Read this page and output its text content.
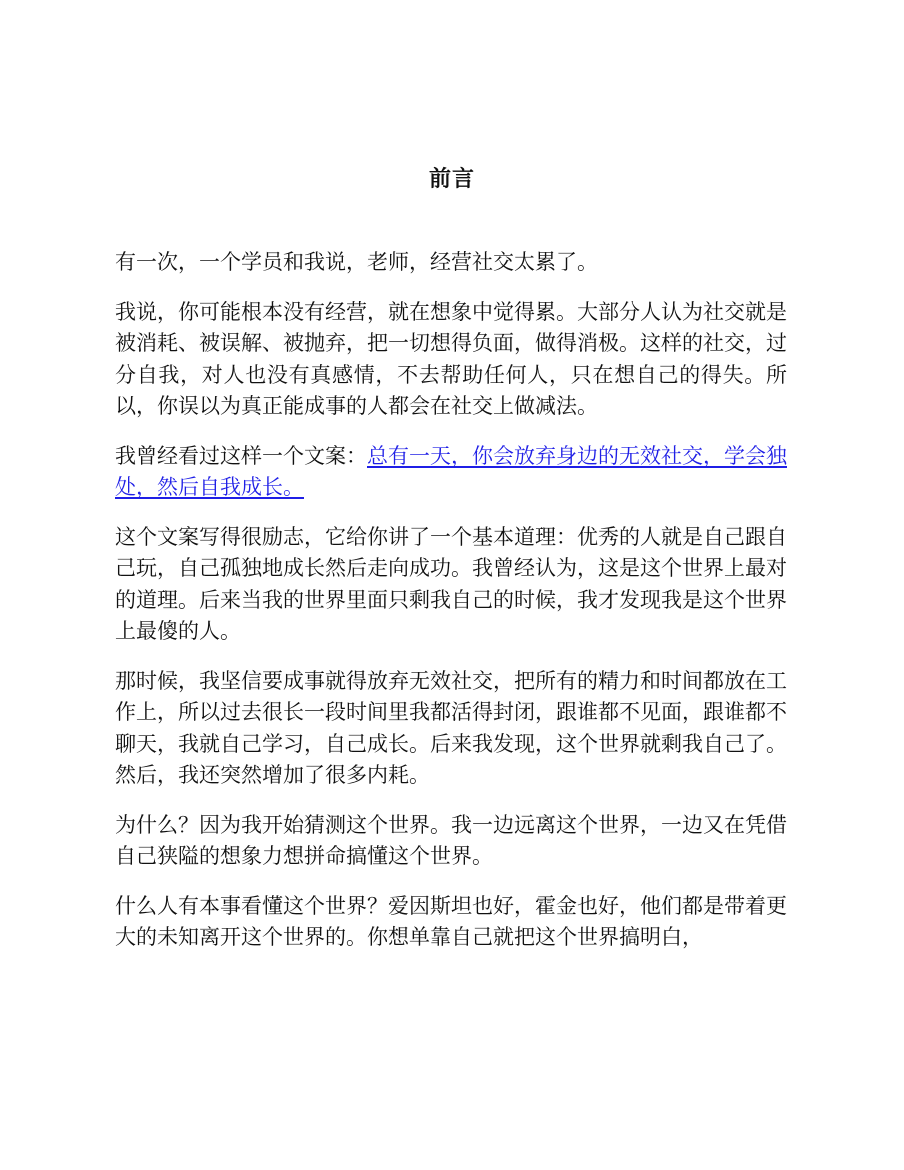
前言

有一次，一个学员和我说，老师，经营社交太累了。

我说，你可能根本没有经营，就在想象中觉得累。大部分人认为社交就是被消耗、被误解、被抛弃，把一切想得负面，做得消极。这样的社交，过分自我，对人也没有真感情，不去帮助任何人，只在想自己的得失。所以，你误以为真正能成事的人都会在社交上做减法。

我曾经看过这样一个文案：总有一天，你会放弃身边的无效社交，学会独处，然后自我成长。

这个文案写得很励志，它给你讲了一个基本道理：优秀的人就是自己跟自己玩，自己孤独地成长然后走向成功。我曾经认为，这是这个世界上最对的道理。后来当我的世界里面只剩我自己的时候，我才发现我是这个世界上最傻的人。

那时候，我坚信要成事就得放弃无效社交，把所有的精力和时间都放在工作上，所以过去很长一段时间里我都活得封闭，跟谁都不见面，跟谁都不聊天，我就自己学习，自己成长。后来我发现，这个世界就剩我自己了。然后，我还突然增加了很多内耗。

为什么？因为我开始猜测这个世界。我一边远离这个世界，一边又在凭借自己狭隘的想象力想拼命搞懂这个世界。

什么人有本事看懂这个世界？爱因斯坦也好，霍金也好，他们都是带着更大的未知离开这个世界的。你想单靠自己就把这个世界搞明白，
